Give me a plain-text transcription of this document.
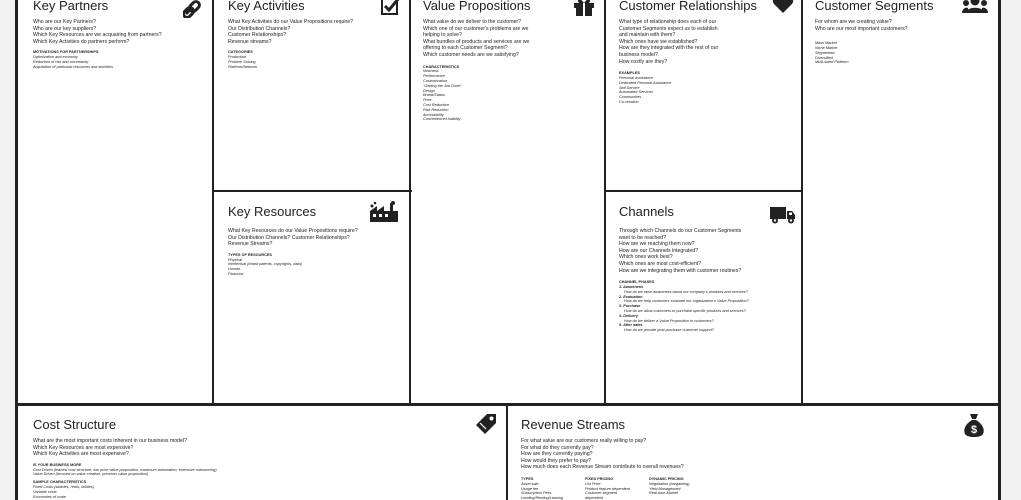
Key Partners

Who are our Key Partners?

Who are our key suppliers?

Which Key Resources are we acquairing from partners?

Which Key Activities do partners perform?

MOTIVATIONS FOR PARTNERSHIPS

Optimization and economy

Reduction of risk and uncertainty

Acquisition of particular resources and activities

Key Activities

What Key Activities do our Value Propositions require?

Our Distribution Channels?

Customer Relationships?

Revenue streams?

CATEGORIES

Production

Problem Solving

Platform/Network

Key Resources

What Key Resources do our Value Propositions require?

Our Distribution Channels? Customer Relationships?

Revenue Streams?

TYPES OF RESOURCES

Physical

Intellectual (brand patents, copyrights, data)

Human

Financial

Value Propositions

What value do we deliver to the customer?

Which one of our customer's problems are we

helping to solve?

What bundles of products and services are we

offering to each Customer Segment?

Which customer needs are we satisfying?

CHARACTERISTICS

Newness

Performance

Customization

"Getting the Job Done"

Design

Brand/Status

Price

Cost Reduction

Risk Reduction

Accessibility

Convenience/Usability

Customer Relationships

What type of relationship does each of our

Customer Segments expect us to establish

and maintain with them?

Which ones have we established?

How are they integrated with the rest of our

business model?

How costly are they?

EXAMPLES

Personal assistance

Dedicated Personal Assistance

Self-Service

Automated Services

Communities

Co-creation

Channels

Through which Channels do our Customer Segments

want to be reached?

How are we reaching them now?

How are our Channels integrated?

Which ones work best?

Which ones are most cost-efficient?

How are we integrating them with customer routines?

CHANNEL PHASES

1. Awareness

How do we raise awareness about our company's products and services?

2. Evaluation

How do we help customers evaluate our organization's Value Proposition?

3. Purchase

How do we allow customers to purchase specific products and services?

4. Delivery

How do we deliver a Value Proposition to customers?

5. After sales

How do we provide post-purchase customer support?

Customer Segments

For whom are we creating value?

Who are our most important customers?

Mass Market

Niche Market

Segmented

Diversified

Multi-sided Platform

Cost Structure

What are the most important costs inherent in our business model?

Which Key Resources are most expensive?

Which Key Activities are most expensive?

IS YOUR BUSINESS MORE

Cost Driven (leanest cost structure, low price value proposition, maximum automation, extensive outsourcing)

Value Driven (focused on value creation, premium value proposition)

SAMPLE CHARACTERISTICS

Fixed Costs (salaries, rents, utilities)

Variable costs

Economies of scale

Revenue Streams

For what value are our customers really willing to pay?

For what do they currently pay?

How are they currently paying?

How would they prefer to pay?

How much does each Revenue Stream contribute to overall revenues?

TYPES

Asset sale

Usage fee

Subscription Fees

Lending/Renting/Leasing

FIXED PRICING

List Price

Product feature dependent

Customer segment

dependent

DYNAMIC PRICING

Negotiation (bargaining)

Yield Management

Real-time-Market

$
